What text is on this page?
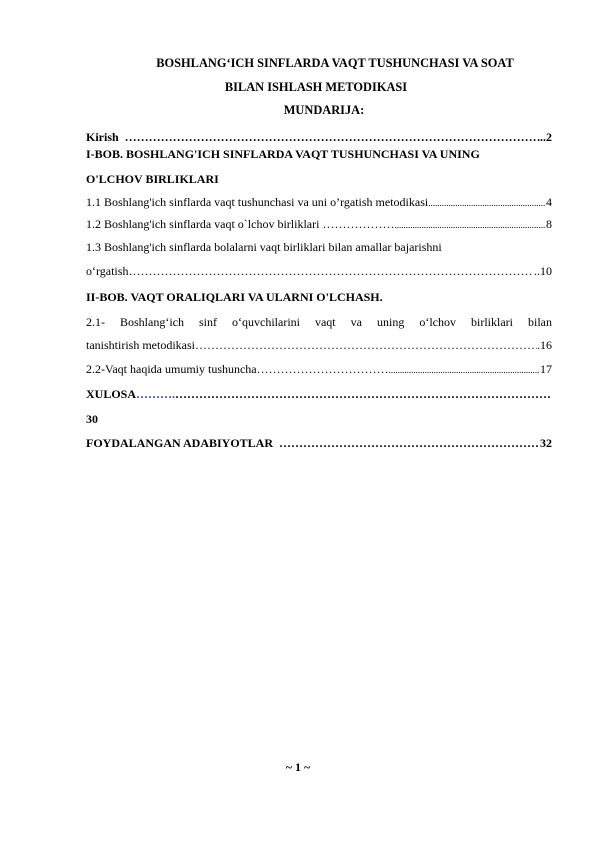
BOSHLANG‘ICH SINFLARDA VAQT TUSHUNCHASI VA SOAT
BILAN ISHLASH METODIKASI
MUNDARIJA:
Kirish …………………………………………………………………………………………………………………………………………………………………………………………………………………………………	..2
I-BOB. BOSHLANG'ICH SINFLARDA VAQT TUSHUNCHASI VA UNING
O'LCHOV BIRLIKLARI
1.1 Boshlang'ich sinflarda vaqt tushunchasi va uni o’rgatish metodikasi .....	4
1.2 Boshlang'ich sinflarda vaqt o`lchov birliklari ……………… .....	8
1.3 Boshlang'ich sinflarda bolalarni vaqt birliklari bilan amallar bajarishni
o‘rgatish …………………………………………………………………………………………………………………………………………………………………………………………………………………………………	..10
II-BOB. VAQT ORALIQLARI VA ULARNI O'LCHASH.
2.1- Boshlang‘ich sinf o‘quvchilarini vaqt va uning o‘lchov birliklari bilan
tanishtirish metodikasi …………………………………………………………………………………………………………………………………………………………………………………………………………………………………	.16
2.2-Vaqt haqida umumiy tushuncha…………………………… .....	17
XULOSA ……….
…………………………………………………………………………………………………………………………………………………………………………………………………………………………………
30
FOYDALANGAN ADABIYOTLAR …………………………………………………………………………………………………………………………………………………………………………………………………………………………………	32
~ 1 ~
